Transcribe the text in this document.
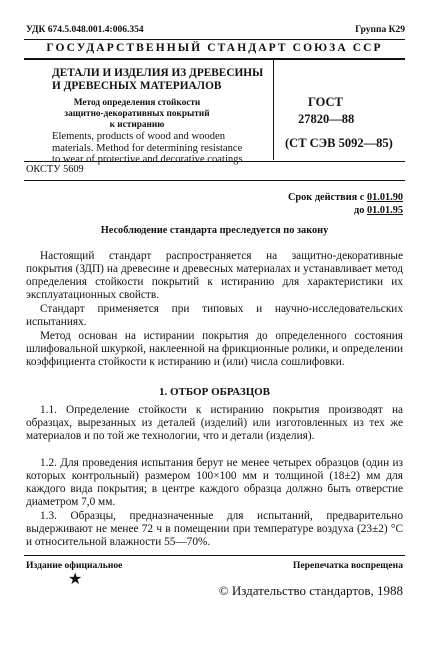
УДК 674.5.048.001.4:006.354	Группа К29
ГОСУДАРСТВЕННЫЙ СТАНДАРТ СОЮЗА ССР
ДЕТАЛИ И ИЗДЕЛИЯ ИЗ ДРЕВЕСИНЫ
И ДРЕВЕСНЫХ МАТЕРИАЛОВ
Метод определения стойкости
защитно-декоративных покрытий
к истиранию
Elements, products of wood and wooden
materials. Method for determining resistance
to wear of protective and decorative coatings
ГОСТ
27820—88
(СТ СЭВ 5092—85)
ОКСТУ 5609
Срок действия с 01.01.90
до 01.01.95
Несоблюдение стандарта преследуется по закону
Настоящий стандарт распространяется на защитно-декоративные покрытия (ЗДП) на древесине и древесных материалах и устанавливает метод определения стойкости покрытий к истиранию для характеристики их эксплуатационных свойств.
Стандарт применяется при типовых и научно-исследовательских испытаниях.
Метод основан на истирании покрытия до определенного состояния шлифовальной шкуркой, наклеенной на фрикционные ролики, и определении коэффициента стойкости к истиранию и (или) числа сошлифовки.
1. ОТБОР ОБРАЗЦОВ
1.1. Определение стойкости к истиранию покрытия производят на образцах, вырезанных из деталей (изделий) или изготовленных из тех же материалов и по той же технологии, что и детали (изделия).
1.2. Для проведения испытания берут не менее четырех образцов (один из которых контрольный) размером 100×100 мм и толщиной (18±2) мм для каждого вида покрытия; в центре каждого образца должно быть отверстие диаметром 7,0 мм.
1.3. Образцы, предназначенные для испытаний, предварительно выдерживают не менее 72 ч в помещении при температуре воздуха (23±2) °С и относительной влажности 55—70%.
Издание официальное	Перепечатка воспрещена
★
© Издательство стандартов, 1988
